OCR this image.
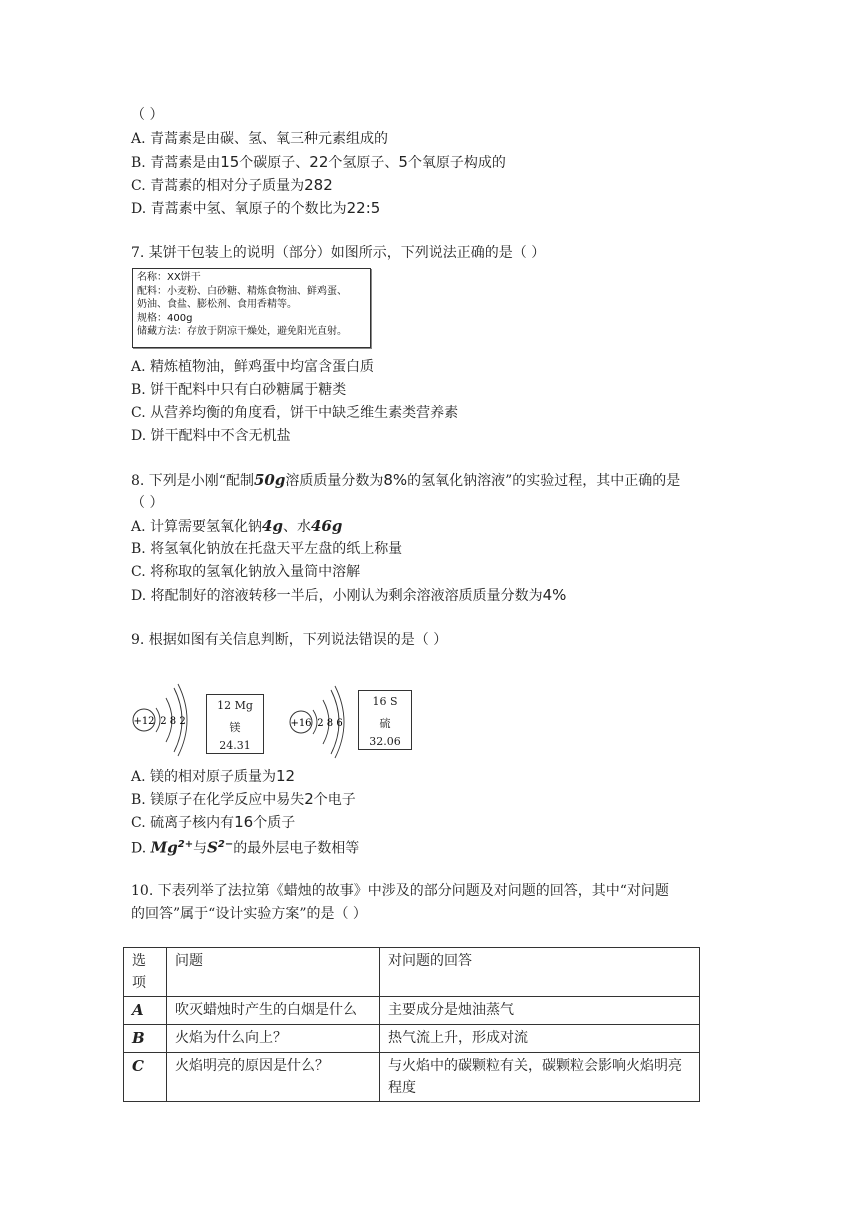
（ ）
A. 青蒿素是由碳、氢、氧三种元素组成的
B. 青蒿素是由15个碳原子、22个氢原子、5个氧原子构成的
C. 青蒿素的相对分子质量为282
D. 青蒿素中氢、氧原子的个数比为22:5
7. 某饼干包装上的说明（部分）如图所示，下列说法正确的是（ ）
名称：XX饼干
配料：小麦粉、白砂糖、精炼食物油、鲜鸡蛋、
奶油、食盐、膨松剂、食用香精等。
规格：400g
储藏方法：存放于阴凉干燥处，避免阳光直射。
A. 精炼植物油，鲜鸡蛋中均富含蛋白质
B. 饼干配料中只有白砂糖属于糖类
C. 从营养均衡的角度看，饼干中缺乏维生素类营养素
D. 饼干配料中不含无机盐
8. 下列是小刚“配制50g溶质质量分数为8%的氢氧化钠溶液”的实验过程，其中正确的是
（ ）
A. 计算需要氢氧化钠4g、水46g
B. 将氢氧化钠放在托盘天平左盘的纸上称量
C. 将称取的氢氧化钠放入量筒中溶解
D. 将配制好的溶液转移一半后，小刚认为剩余溶液溶质质量分数为4%
9. 根据如图有关信息判断，下列说法错误的是（ ）
+12 2 8 2	+16 2 8 6
12 Mg
镁
24.31
16 S
硫
32.06
A. 镁的相对原子质量为12
B. 镁原子在化学反应中易失2个电子
C. 硫离子核内有16个质子
D. $Mg^{2+}$与$S^{2-}$的最外层电子数相等
10. 下表列举了法拉第《蜡烛的故事》中涉及的部分问题及对问题的回答，其中“对问题
的回答”属于“设计实验方案”的是（ ）
选项	问题	对问题的回答
A	吹灭蜡烛时产生的白烟是什么	主要成分是烛油蒸气
B	火焰为什么向上？	热气流上升，形成对流
C	火焰明亮的原因是什么？	与火焰中的碳颗粒有关，碳颗粒会影响火焰明亮程度
